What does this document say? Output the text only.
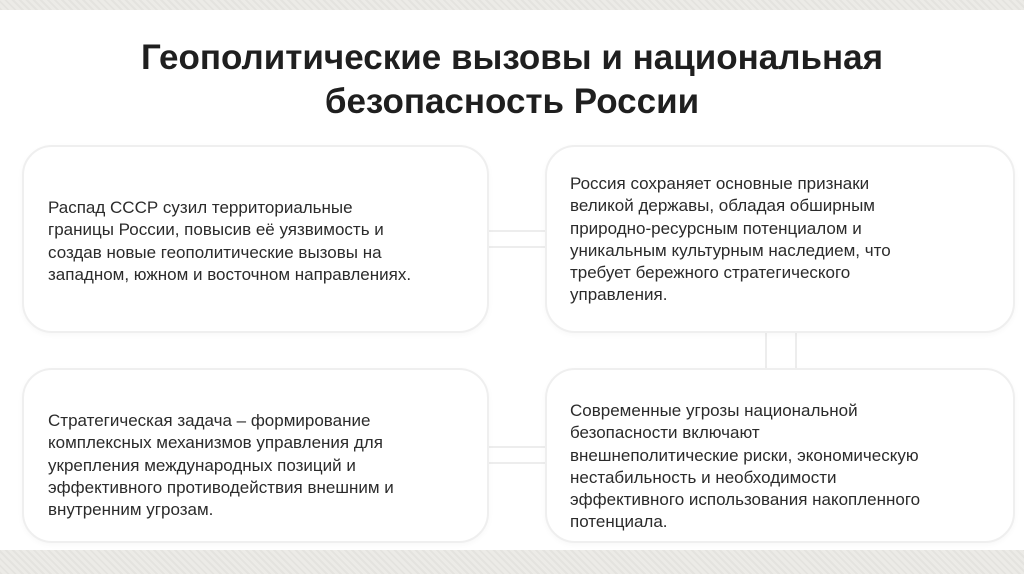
Геополитические вызовы и национальная
безопасность России

Распад СССР сузил территориальные
границы России, повысив её уязвимость и
создав новые геополитические вызовы на
западном, южном и восточном направлениях.

Россия сохраняет основные признаки
великой державы, обладая обширным
природно-ресурсным потенциалом и
уникальным культурным наследием, что
требует бережного стратегического
управления.

Стратегическая задача – формирование
комплексных механизмов управления для
укрепления международных позиций и
эффективного противодействия внешним и
внутренним угрозам.

Современные угрозы национальной
безопасности включают
внешнеполитические риски, экономическую
нестабильность и необходимости
эффективного использования накопленного
потенциала.
